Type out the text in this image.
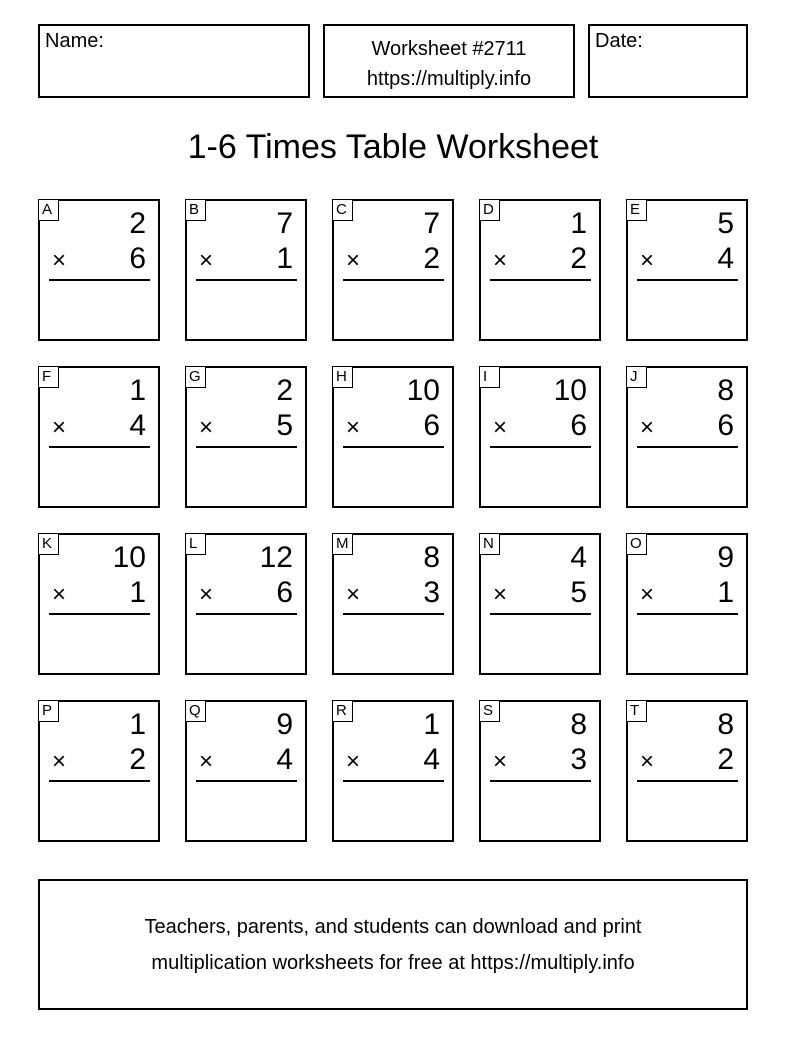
Name:	Worksheet #2711
https://multiply.info
Date:
1-6 Times Table Worksheet
A	2
× 6
B	7
× 1
C	7
× 2
D	1
× 2
E	5
× 4
F	1
× 4
G	2
× 5
H 10
× 6
I	10
× 6
J	8
× 6
K 10
× 1
L 12
× 6
M 8
× 3
N	4
× 5
O	9
× 1
P	1
× 2
Q	9
× 4
R	1
× 4
S	8
× 3
T	8
× 2
Teachers, parents, and students can download and print
multiplication worksheets for free at https://multiply.info
